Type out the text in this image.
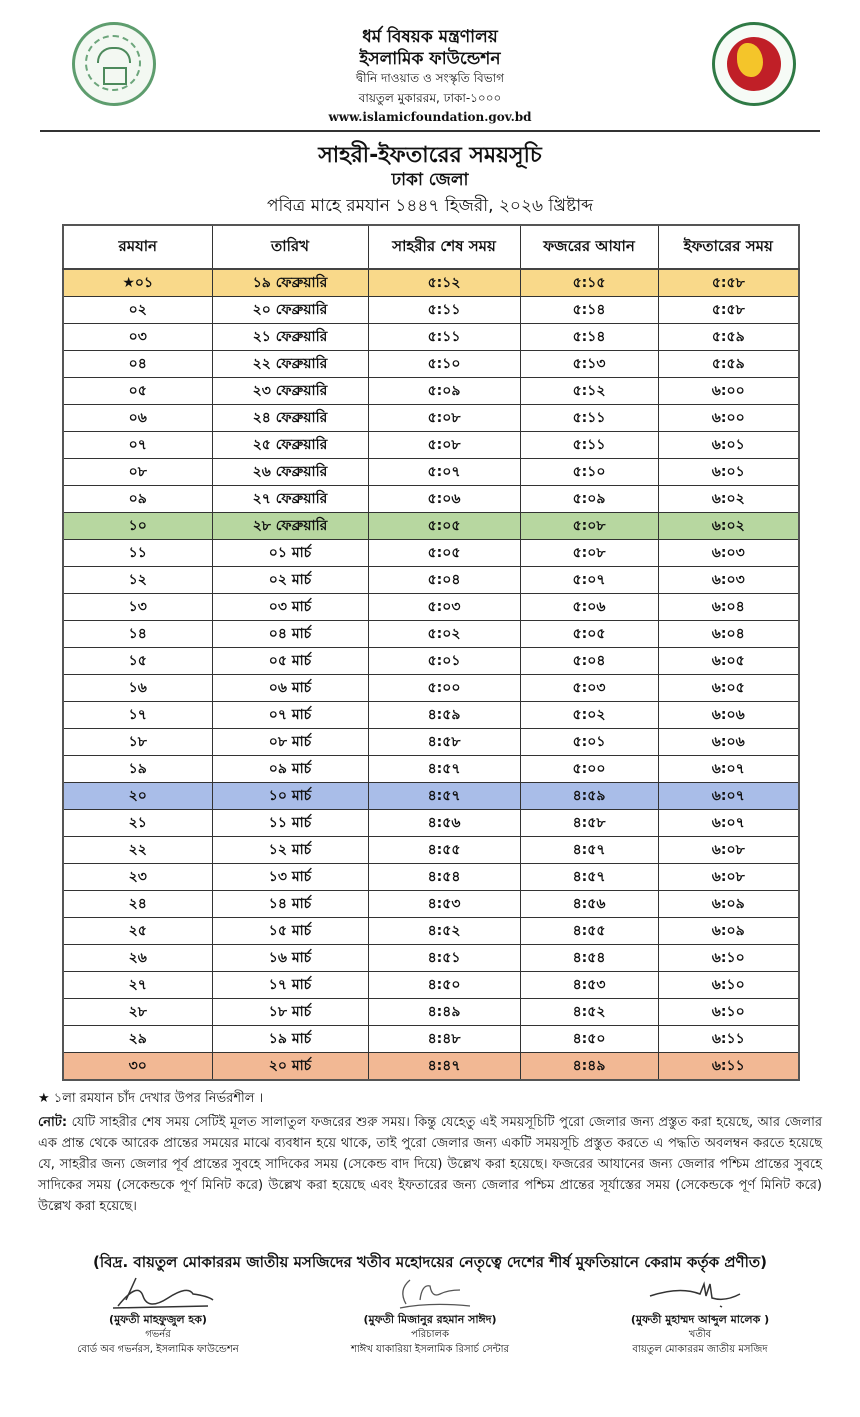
ধর্ম বিষয়ক মন্ত্রণালয়
ইসলামিক ফাউন্ডেশন
দ্বীনি দাওয়াত ও সংস্কৃতি বিভাগ
বায়তুল মুকাররম, ঢাকা-১০০০
www.islamicfoundation.gov.bd
সাহরী-ইফতারের সময়সূচি
ঢাকা জেলা
পবিত্র মাহে রমযান ১৪৪৭ হিজরী, ২০২৬ খ্রিষ্টাব্দ
রমযান	তারিখ	সাহরীর শেষ সময়	ফজরের আযান	ইফতারের সময়
★০১	১৯ ফেব্রুয়ারি	৫:১২	৫:১৫	৫:৫৮
০২	২০ ফেব্রুয়ারি	৫:১১	৫:১৪	৫:৫৮
০৩	২১ ফেব্রুয়ারি	৫:১১	৫:১৪	৫:৫৯
০৪	২২ ফেব্রুয়ারি	৫:১০	৫:১৩	৫:৫৯
০৫	২৩ ফেব্রুয়ারি	৫:০৯	৫:১২	৬:০০
০৬	২৪ ফেব্রুয়ারি	৫:০৮	৫:১১	৬:০০
০৭	২৫ ফেব্রুয়ারি	৫:০৮	৫:১১	৬:০১
০৮	২৬ ফেব্রুয়ারি	৫:০৭	৫:১০	৬:০১
০৯	২৭ ফেব্রুয়ারি	৫:০৬	৫:০৯	৬:০২
১০	২৮ ফেব্রুয়ারি	৫:০৫	৫:০৮	৬:০২
১১	০১ মার্চ	৫:০৫	৫:০৮	৬:০৩
১২	০২ মার্চ	৫:০৪	৫:০৭	৬:০৩
১৩	০৩ মার্চ	৫:০৩	৫:০৬	৬:০৪
১৪	০৪ মার্চ	৫:০২	৫:০৫	৬:০৪
১৫	০৫ মার্চ	৫:০১	৫:০৪	৬:০৫
১৬	০৬ মার্চ	৫:০০	৫:০৩	৬:০৫
১৭	০৭ মার্চ	৪:৫৯	৫:০২	৬:০৬
১৮	০৮ মার্চ	৪:৫৮	৫:০১	৬:০৬
১৯	০৯ মার্চ	৪:৫৭	৫:০০	৬:০৭
২০	১০ মার্চ	৪:৫৭	৪:৫৯	৬:০৭
২১	১১ মার্চ	৪:৫৬	৪:৫৮	৬:০৭
২২	১২ মার্চ	৪:৫৫	৪:৫৭	৬:০৮
২৩	১৩ মার্চ	৪:৫৪	৪:৫৭	৬:০৮
২৪	১৪ মার্চ	৪:৫৩	৪:৫৬	৬:০৯
২৫	১৫ মার্চ	৪:৫২	৪:৫৫	৬:০৯
২৬	১৬ মার্চ	৪:৫১	৪:৫৪	৬:১০
২৭	১৭ মার্চ	৪:৫০	৪:৫৩	৬:১০
২৮	১৮ মার্চ	৪:৪৯	৪:৫২	৬:১০
২৯	১৯ মার্চ	৪:৪৮	৪:৫০	৬:১১
৩০	২০ মার্চ	৪:৪৭	৪:৪৯	৬:১১
★ ১লা রমযান চাঁদ দেখার উপর নির্ভরশীল ।
নোট: যেটি সাহরীর শেষ সময় সেটিই মূলত সালাতুল ফজরের শুরু সময়। কিন্তু যেহেতু এই সময়সূচিটি পুরো জেলার জন্য প্রস্তুত করা হয়েছে, আর জেলার এক প্রান্ত থেকে আরেক প্রান্তের সময়ের মাঝে ব্যবধান হয়ে থাকে, তাই পুরো জেলার জন্য একটি সময়সূচি প্রস্তুত করতে এ পদ্ধতি অবলম্বন করতে হয়েছে যে, সাহরীর জন্য জেলার পূর্ব প্রান্তের সুবহে সাদিকের সময় (সেকেন্ড বাদ দিয়ে) উল্লেখ করা হয়েছে। ফজরের আযানের জন্য জেলার পশ্চিম প্রান্তের সুবহে সাদিকের সময় (সেকেন্ডকে পূর্ণ মিনিট করে) উল্লেখ করা হয়েছে এবং ইফতারের জন্য জেলার পশ্চিম প্রান্তের সূর্যাস্তের সময় (সেকেন্ডকে পূর্ণ মিনিট করে) উল্লেখ করা হয়েছে।
(বিদ্র. বায়তুল মোকাররম জাতীয় মসজিদের খতীব মহোদয়ের নেতৃত্বে দেশের শীর্ষ মুফতিয়ানে কেরাম কর্তৃক প্রণীত)
(মুফতী মাহফুজুল হক)
গভর্নর
বোর্ড অব গভর্নরস, ইসলামিক ফাউন্ডেশন
(মুফতী মিজানুর রহমান সাঈদ)
পরিচালক
শাঈখ যাকারিয়া ইসলামিক রিসার্চ সেন্টার
(মুফতী মুহাম্মদ আব্দুল মালেক )
খতীব
বায়তুল মোকাররম জাতীয় মসজিদ
